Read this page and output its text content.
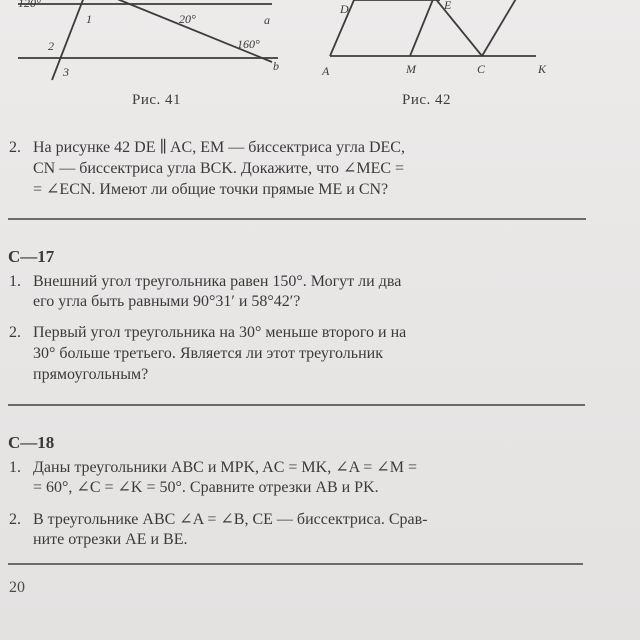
120°
1	20°	a
2	160°
3	b
Рис. 41
D	E
A	M	C	K
Рис. 42
2. На рисунке 42 DE ∥ AC, EM — биссектриса угла DEC,
CN — биссектриса угла BCK. Докажите, что ∠MEC =
= ∠ECN. Имеют ли общие точки прямые ME и CN?
С—17
1. Внешний угол треугольника равен 150°. Могут ли два
его угла быть равными 90°31′ и 58°42′?
2. Первый угол треугольника на 30° меньше второго и на
30° больше третьего. Является ли этот треугольник
прямоугольным?
С—18
1. Даны треугольники ABC и MPK, AC = MK, ∠A = ∠M =
= 60°, ∠C = ∠K = 50°. Сравните отрезки AB и PK.
2. В треугольнике ABC ∠A = ∠B, CE — биссектриса. Срав-
ните отрезки AE и BE.
20
